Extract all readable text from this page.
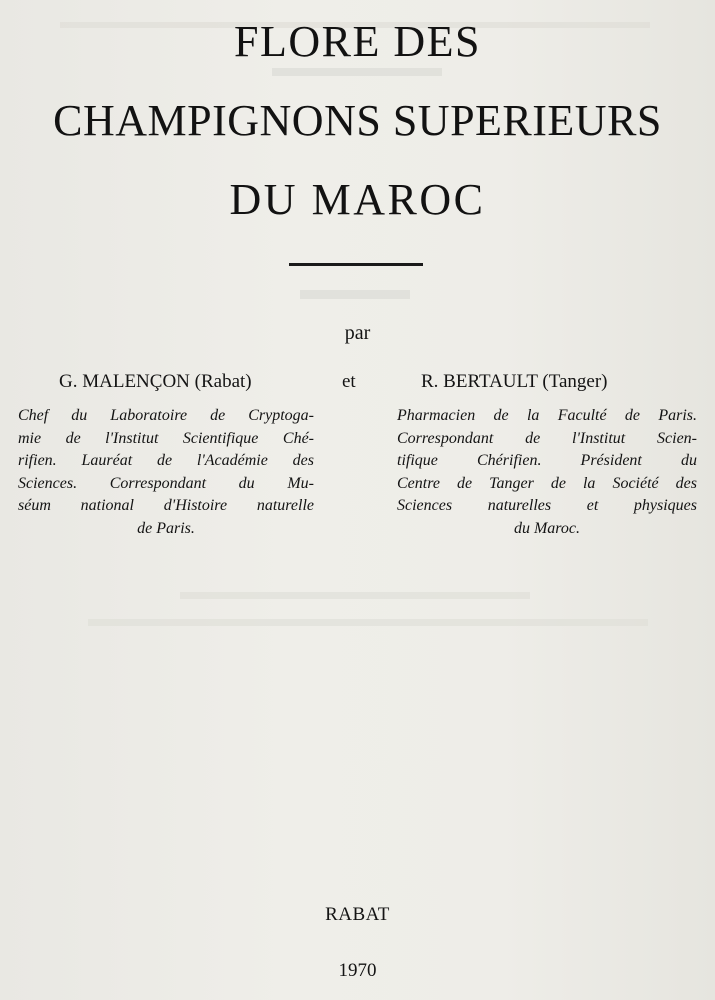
FLORE DES
CHAMPIGNONS SUPERIEURS
DU MAROC
par
G. MALENÇON (Rabat)	et	R. BERTAULT (Tanger)
Chef du Laboratoire de Cryptoga-
mie de l'Institut Scientifique Ché-
rifien. Lauréat de l'Académie des
Sciences. Correspondant du Mu-
séum national d'Histoire naturelle
de Paris.
Pharmacien de la Faculté de Paris.
Correspondant de l'Institut Scien-
tifique Chérifien. Président du
Centre de Tanger de la Société des
Sciences naturelles et physiques
du Maroc.
RABAT
1970
